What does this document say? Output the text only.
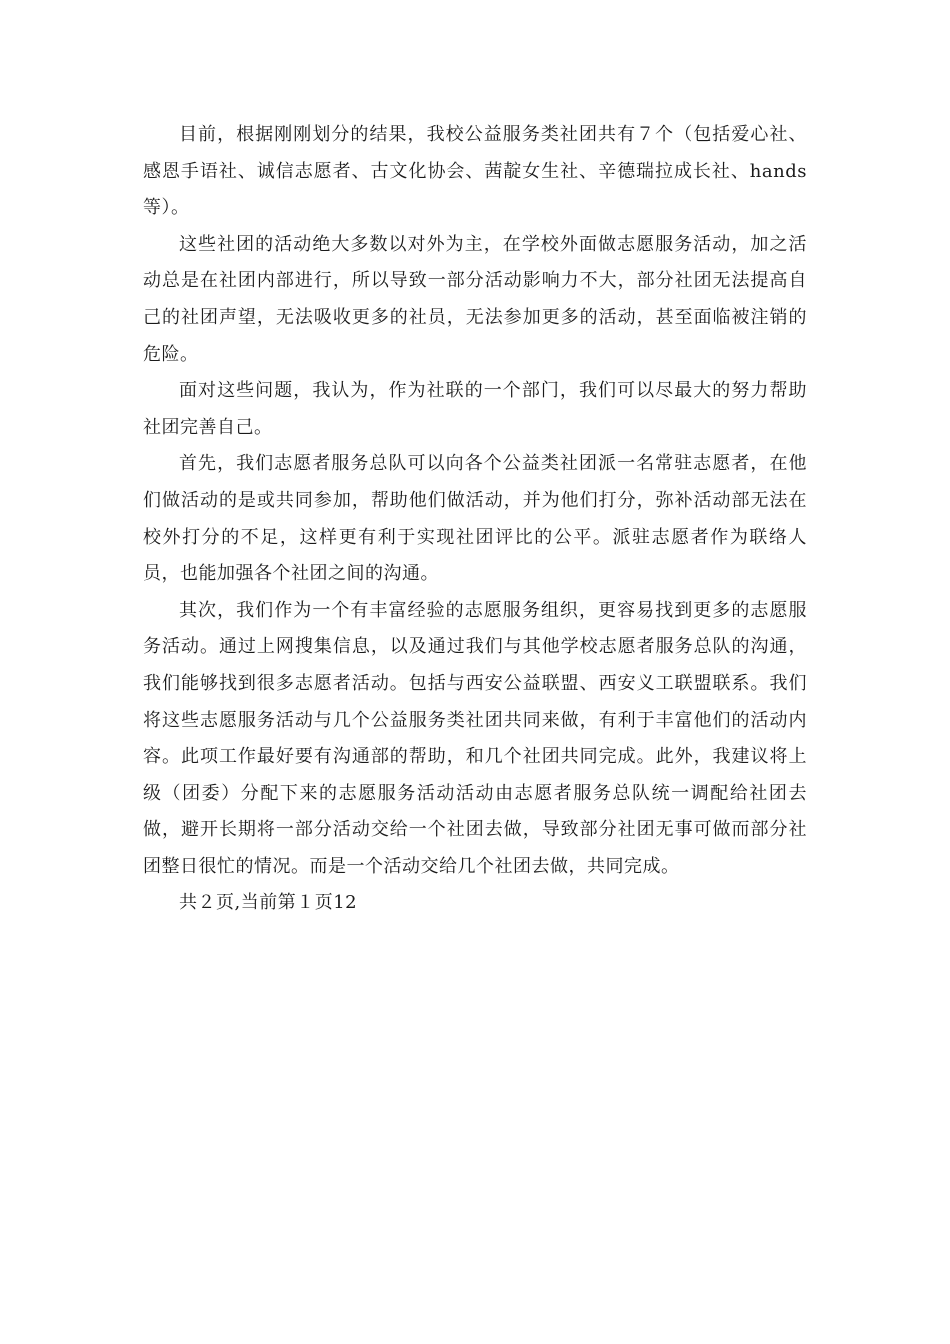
目前，根据刚刚划分的结果，我校公益服务类社团共有７个（包括爱心社、感恩手语社、诚信志愿者、古文化协会、茜靛女生社、辛德瑞拉成长社、hands等）。

这些社团的活动绝大多数以对外为主，在学校外面做志愿服务活动，加之活动总是在社团内部进行，所以导致一部分活动影响力不大，部分社团无法提高自己的社团声望，无法吸收更多的社员，无法参加更多的活动，甚至面临被注销的危险。

面对这些问题，我认为，作为社联的一个部门，我们可以尽最大的努力帮助社团完善自己。

首先，我们志愿者服务总队可以向各个公益类社团派一名常驻志愿者，在他们做活动的是或共同参加，帮助他们做活动，并为他们打分，弥补活动部无法在校外打分的不足，这样更有利于实现社团评比的公平。派驻志愿者作为联络人员，也能加强各个社团之间的沟通。

其次，我们作为一个有丰富经验的志愿服务组织，更容易找到更多的志愿服务活动。通过上网搜集信息，以及通过我们与其他学校志愿者服务总队的沟通，我们能够找到很多志愿者活动。包括与西安公益联盟、西安义工联盟联系。我们将这些志愿服务活动与几个公益服务类社团共同来做，有利于丰富他们的活动内容。此项工作最好要有沟通部的帮助，和几个社团共同完成。此外，我建议将上级（团委）分配下来的志愿服务活动活动由志愿者服务总队统一调配给社团去做，避开长期将一部分活动交给一个社团去做，导致部分社团无事可做而部分社团整日很忙的情况。而是一个活动交给几个社团去做，共同完成。

共２页,当前第１页12
